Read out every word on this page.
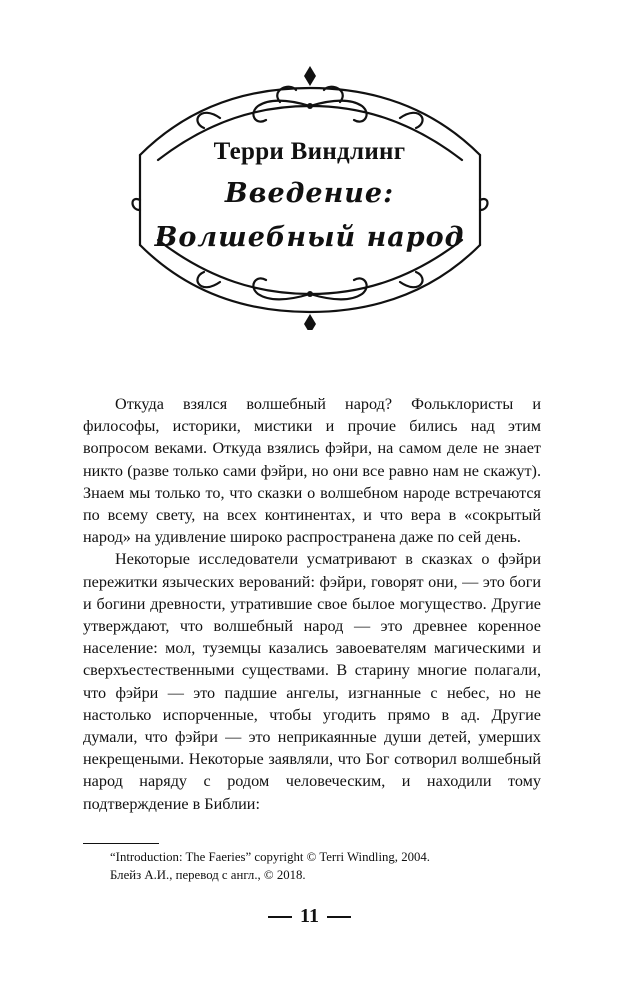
Терри Виндлинг
Введение:
Волшебный народ

Откуда взялся волшебный народ? Фольклористы и философы, историки, мистики и прочие бились над этим вопросом веками. Откуда взялись фэйри, на самом деле не знает никто (разве только сами фэйри, но они все равно нам не скажут). Знаем мы только то, что сказки о волшебном народе встречаются по всему свету, на всех континентах, и что вера в «сокрытый народ» на удивление широко распространена даже по сей день.

Некоторые исследователи усматривают в сказках о фэйри пережитки языческих верований: фэйри, говорят они, — это боги и богини древности, утратившие свое былое могущество. Другие утверждают, что волшебный народ — это древнее коренное население: мол, туземцы казались завоевателям магическими и сверхъестественными существами. В старину многие полагали, что фэйри — это падшие ангелы, изгнанные с небес, но не настолько испорченные, чтобы угодить прямо в ад. Другие думали, что фэйри — это неприкаянные души детей, умерших некрещеными. Некоторые заявляли, что Бог сотворил волшебный народ наряду с родом человеческим, и находили тому подтверждение в Библии:

“Introduction: The Faeries” copyright © Terri Windling, 2004.
Блейз А.И., перевод с англ., © 2018.
11
